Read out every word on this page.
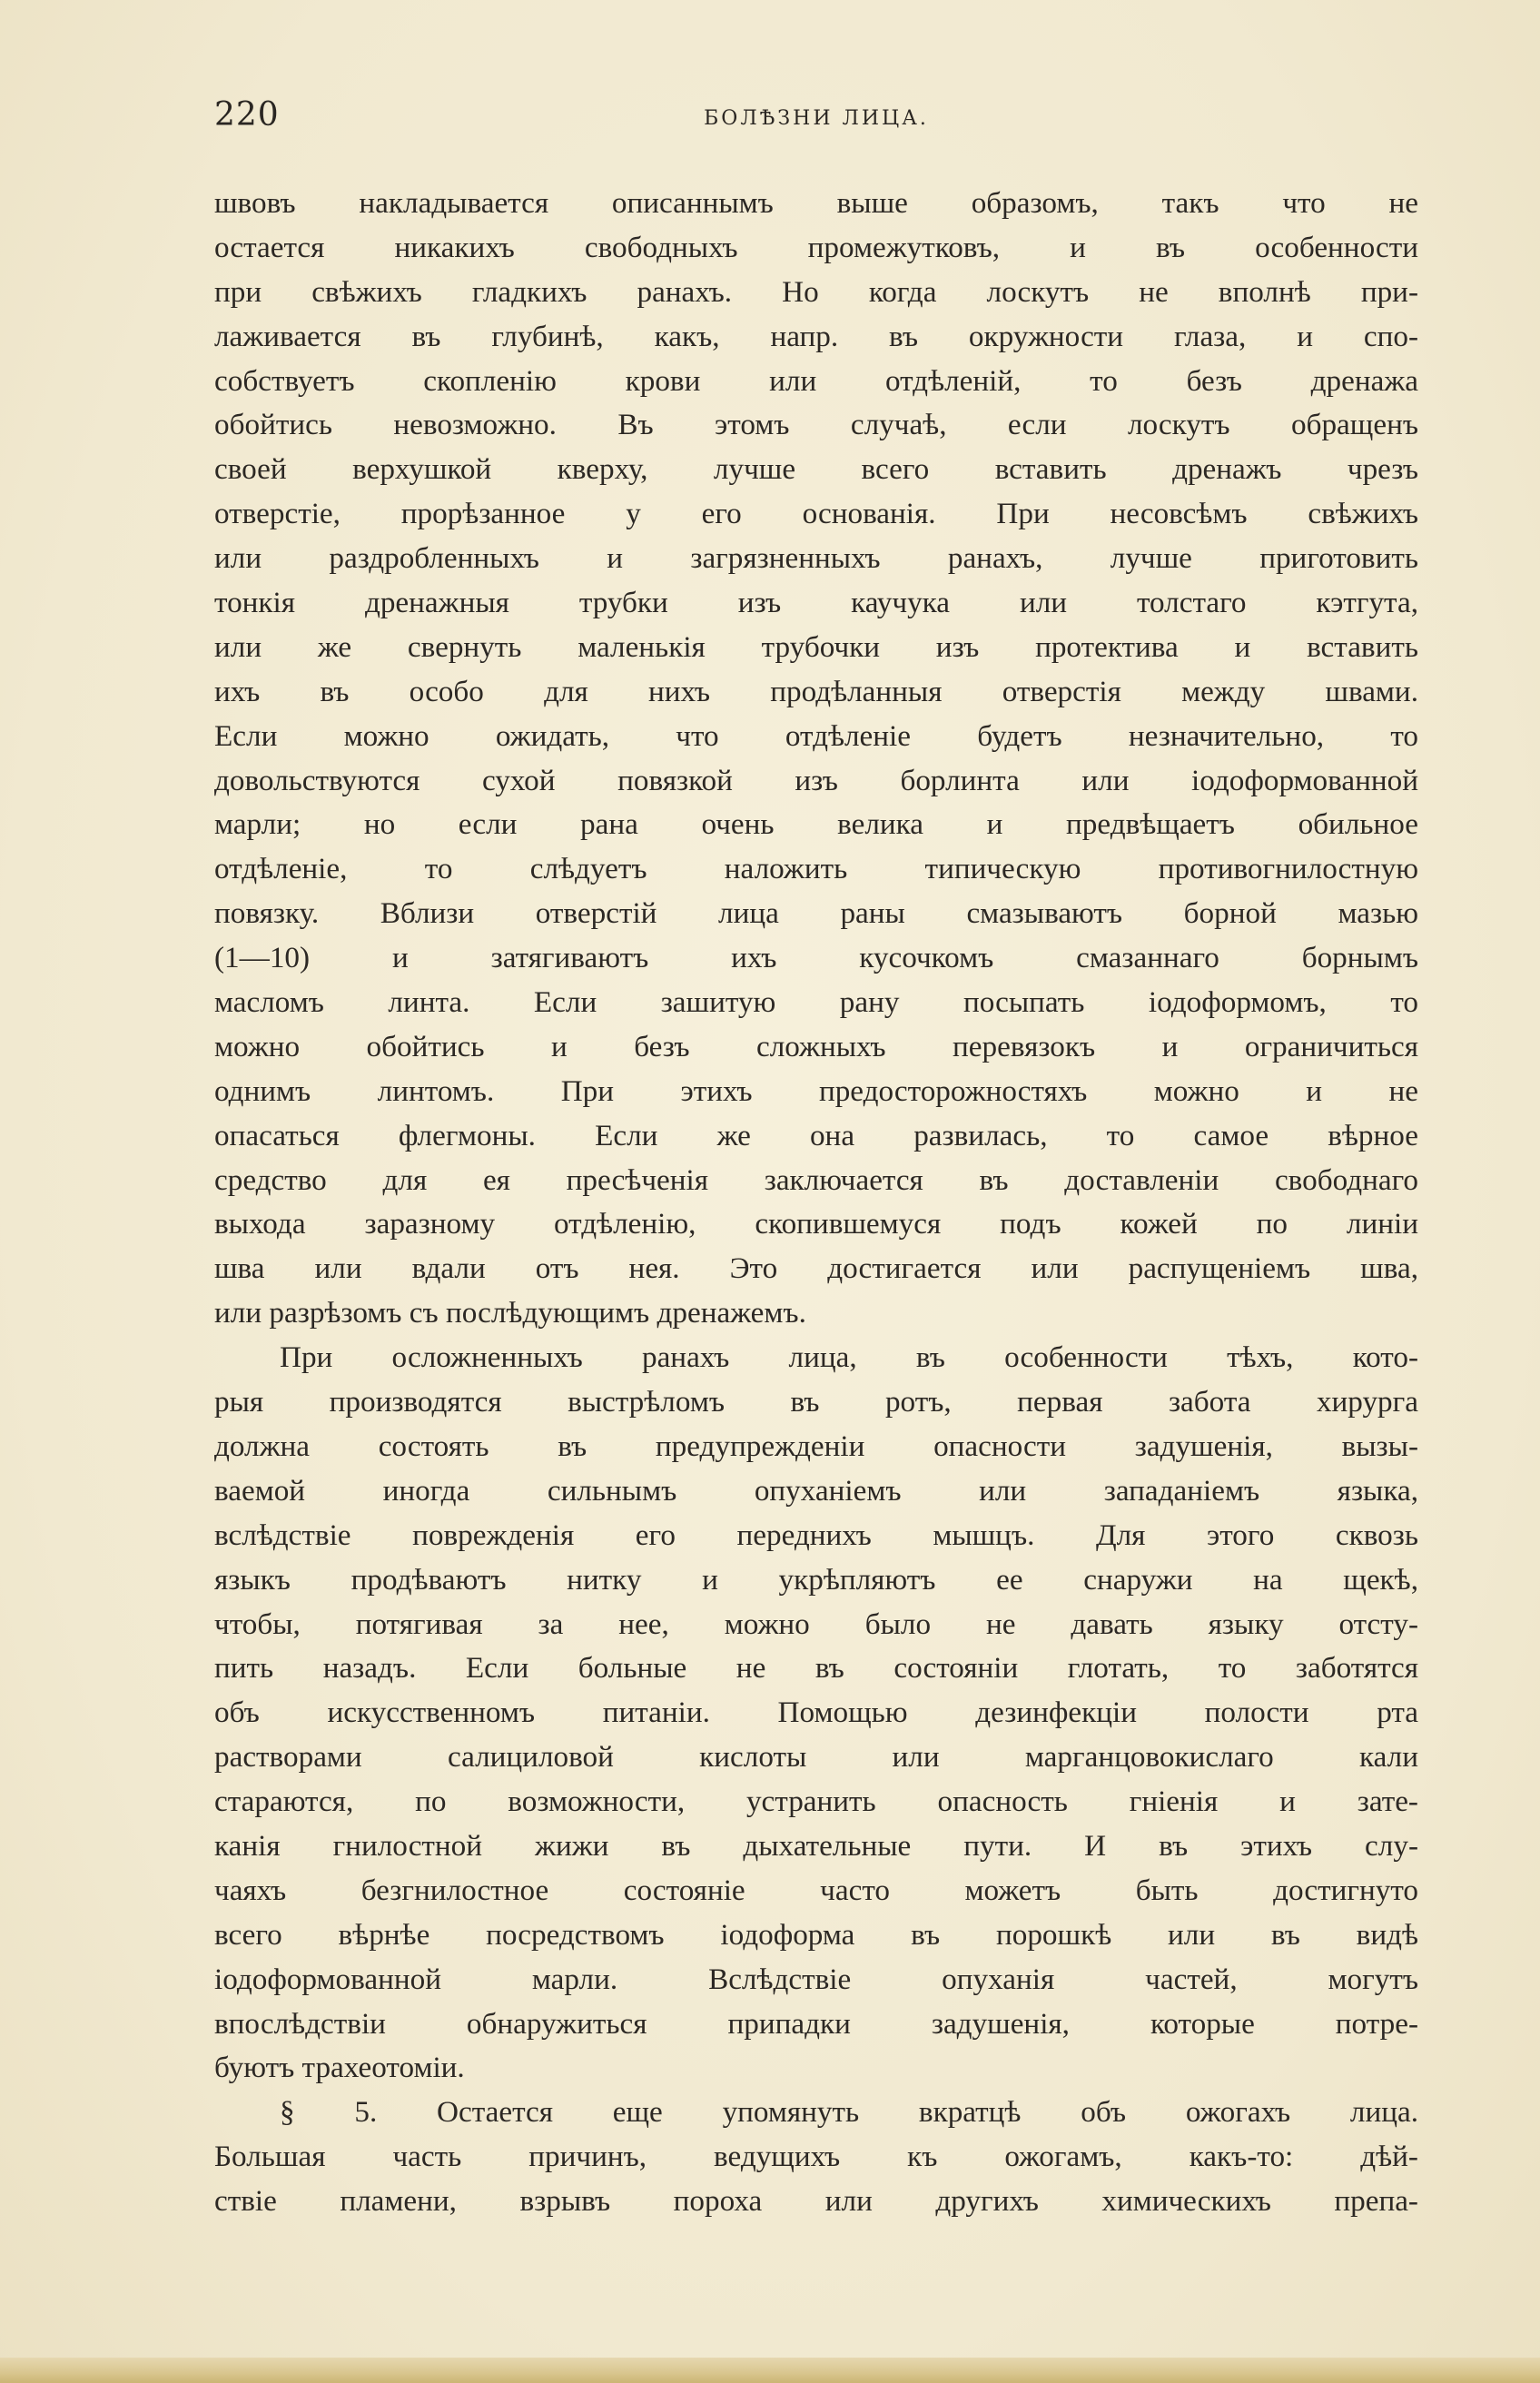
220	БОЛѢЗНИ ЛИЦА.
швовъ накладывается описаннымъ выше образомъ, такъ что не
остается никакихъ свободныхъ промежутковъ, и въ особенности
при свѣжихъ гладкихъ ранахъ. Но когда лоскутъ не вполнѣ при-
лаживается въ глубинѣ, какъ, напр. въ окружности глаза, и спо-
собствуетъ скопленію крови или отдѣленій, то безъ дренажа
обойтись невозможно. Въ этомъ случаѣ, если лоскутъ обращенъ
своей верхушкой кверху, лучше всего вставить дренажъ чрезъ
отверстіе, прорѣзанное у его основанія. При несовсѣмъ свѣжихъ
или раздробленныхъ и загрязненныхъ ранахъ, лучше приготовить
тонкія дренажныя трубки изъ каучука или толстаго кэтгута,
или же свернуть маленькія трубочки изъ протектива и вставить
ихъ въ особо для нихъ продѣланныя отверстія между швами.
Если можно ожидать, что отдѣленіе будетъ незначительно, то
довольствуются сухой повязкой изъ борлинта или іодоформованной
марли; но если рана очень велика и предвѣщаетъ обильное
отдѣленіе, то слѣдуетъ наложить типическую противогнилостную
повязку. Вблизи отверстій лица раны смазываютъ борной мазью
(1—10) и затягиваютъ ихъ кусочкомъ смазаннаго борнымъ
масломъ линта. Если зашитую рану посыпать іодоформомъ, то
можно обойтись и безъ сложныхъ перевязокъ и ограничиться
однимъ линтомъ. При этихъ предосторожностяхъ можно и не
опасаться флегмоны. Если же она развилась, то самое вѣрное
средство для ея пресѣченія заключается въ доставленіи свободнаго
выхода заразному отдѣленію, скопившемуся подъ кожей по линіи
шва или вдали отъ нея. Это достигается или распущеніемъ шва,
или разрѣзомъ съ послѣдующимъ дренажемъ.
При осложненныхъ ранахъ лица, въ особенности тѣхъ, кото-
рыя производятся выстрѣломъ въ ротъ, первая забота хирурга
должна состоять въ предупрежденіи опасности задушенія, вызы-
ваемой иногда сильнымъ опуханіемъ или западаніемъ языка,
вслѣдствіе поврежденія его переднихъ мышцъ. Для этого сквозь
языкъ продѣваютъ нитку и укрѣпляютъ ее снаружи на щекѣ,
чтобы, потягивая за нее, можно было не давать языку отсту-
пить назадъ. Если больные не въ состояніи глотать, то заботятся
объ искусственномъ питаніи. Помощью дезинфекціи полости рта
растворами салициловой кислоты или марганцовокислаго кали
стараются, по возможности, устранить опасность гніенія и зате-
канія гнилостной жижи въ дыхательные пути. И въ этихъ слу-
чаяхъ безгнилостное состояніе часто можетъ быть достигнуто
всего вѣрнѣе посредствомъ іодоформа въ порошкѣ или въ видѣ
іодоформованной марли. Вслѣдствіе опуханія частей, могутъ
впослѣдствіи обнаружиться припадки задушенія, которые потре-
буютъ трахеотоміи.
§ 5. Остается еще упомянуть вкратцѣ объ ожогахъ лица.
Большая часть причинъ, ведущихъ къ ожогамъ, какъ-то: дѣй-
ствіе пламени, взрывъ пороха или другихъ химическихъ препа-
